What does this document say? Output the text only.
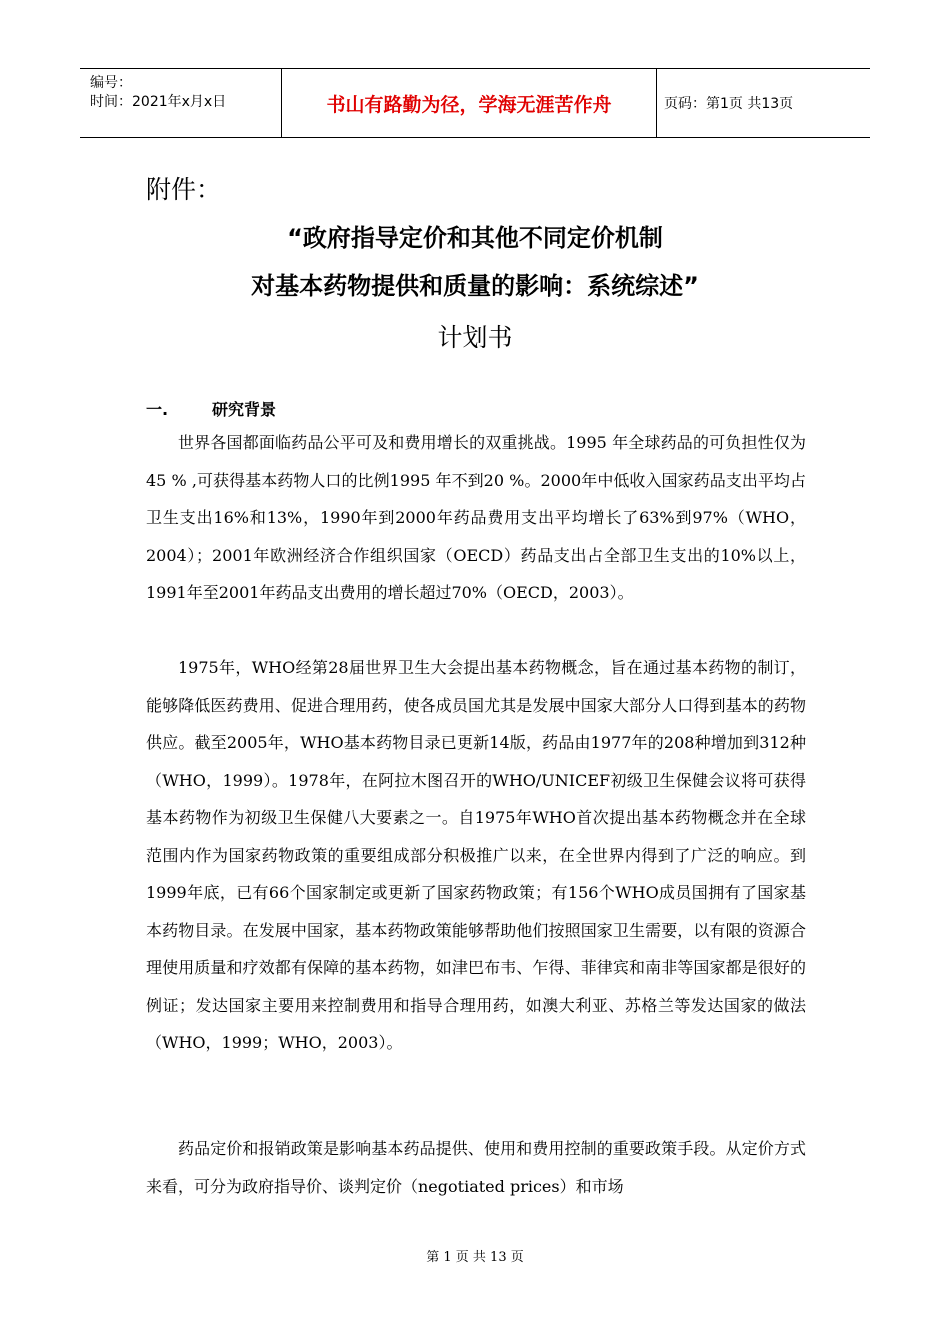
编号：
时间：2021年x月x日	书山有路勤为径，学海无涯苦作舟	页码：第1页 共13页
附件：
“政府指导定价和其他不同定价机制
对基本药物提供和质量的影响：系统综述”
计划书
一.	研究背景

世界各国都面临药品公平可及和费用增长的双重挑战。1995 年全球药品的可负担性仅为45 % ,可获得基本药物人口的比例1995 年不到20 %。2000年中低收入国家药品支出平均占卫生支出16%和13%，1990年到2000年药品费用支出平均增长了63%到97%（WHO，2004）；2001年欧洲经济合作组织国家（OECD）药品支出占全部卫生支出的10%以上，1991年至2001年药品支出费用的增长超过70%（OECD，2003）。

1975年，WHO经第28届世界卫生大会提出基本药物概念，旨在通过基本药物的制订，能够降低医药费用、促进合理用药，使各成员国尤其是发展中国家大部分人口得到基本的药物供应。截至2005年，WHO基本药物目录已更新14版，药品由1977年的208种增加到312种（WHO，1999）。1978年，在阿拉木图召开的WHO/UNICEF初级卫生保健会议将可获得基本药物作为初级卫生保健八大要素之一。自1975年WHO首次提出基本药物概念并在全球范围内作为国家药物政策的重要组成部分积极推广以来，在全世界内得到了广泛的响应。到1999年底，已有66个国家制定或更新了国家药物政策；有156个WHO成员国拥有了国家基本药物目录。在发展中国家，基本药物政策能够帮助他们按照国家卫生需要，以有限的资源合理使用质量和疗效都有保障的基本药物，如津巴布韦、乍得、菲律宾和南非等国家都是很好的例证；发达国家主要用来控制费用和指导合理用药，如澳大利亚、苏格兰等发达国家的做法（WHO，1999；WHO，2003）。

药品定价和报销政策是影响基本药品提供、使用和费用控制的重要政策手段。从定价方式来看，可分为政府指导价、谈判定价（negotiated prices）和市场

第 1 页 共 13 页
